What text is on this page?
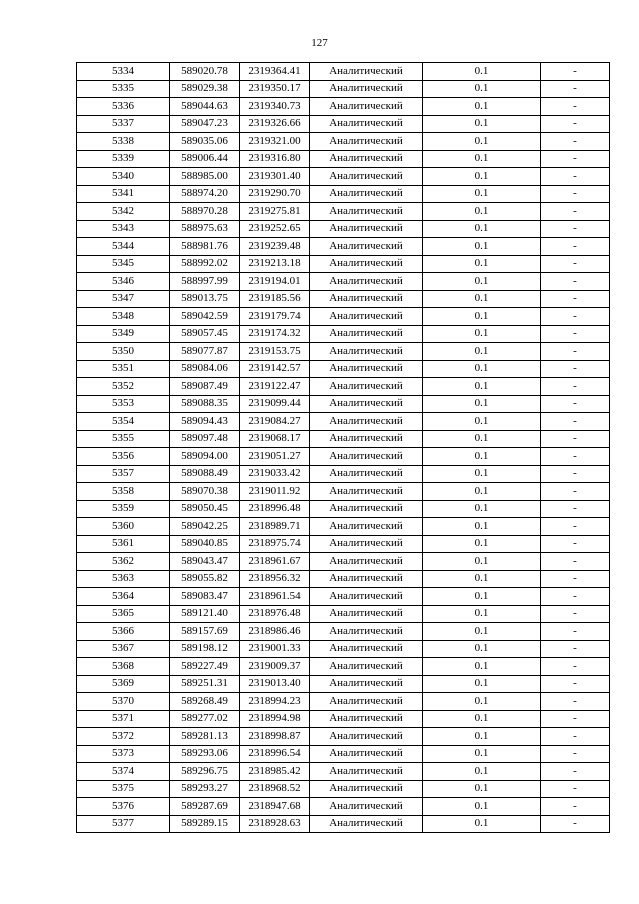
127
5334	589020.78	2319364.41	Аналитический	0.1	-
5335	589029.38	2319350.17	Аналитический	0.1	-
5336	589044.63	2319340.73	Аналитический	0.1	-
5337	589047.23	2319326.66	Аналитический	0.1	-
5338	589035.06	2319321.00	Аналитический	0.1	-
5339	589006.44	2319316.80	Аналитический	0.1	-
5340	588985.00	2319301.40	Аналитический	0.1	-
5341	588974.20	2319290.70	Аналитический	0.1	-
5342	588970.28	2319275.81	Аналитический	0.1	-
5343	588975.63	2319252.65	Аналитический	0.1	-
5344	588981.76	2319239.48	Аналитический	0.1	-
5345	588992.02	2319213.18	Аналитический	0.1	-
5346	588997.99	2319194.01	Аналитический	0.1	-
5347	589013.75	2319185.56	Аналитический	0.1	-
5348	589042.59	2319179.74	Аналитический	0.1	-
5349	589057.45	2319174.32	Аналитический	0.1	-
5350	589077.87	2319153.75	Аналитический	0.1	-
5351	589084.06	2319142.57	Аналитический	0.1	-
5352	589087.49	2319122.47	Аналитический	0.1	-
5353	589088.35	2319099.44	Аналитический	0.1	-
5354	589094.43	2319084.27	Аналитический	0.1	-
5355	589097.48	2319068.17	Аналитический	0.1	-
5356	589094.00	2319051.27	Аналитический	0.1	-
5357	589088.49	2319033.42	Аналитический	0.1	-
5358	589070.38	2319011.92	Аналитический	0.1	-
5359	589050.45	2318996.48	Аналитический	0.1	-
5360	589042.25	2318989.71	Аналитический	0.1	-
5361	589040.85	2318975.74	Аналитический	0.1	-
5362	589043.47	2318961.67	Аналитический	0.1	-
5363	589055.82	2318956.32	Аналитический	0.1	-
5364	589083.47	2318961.54	Аналитический	0.1	-
5365	589121.40	2318976.48	Аналитический	0.1	-
5366	589157.69	2318986.46	Аналитический	0.1	-
5367	589198.12	2319001.33	Аналитический	0.1	-
5368	589227.49	2319009.37	Аналитический	0.1	-
5369	589251.31	2319013.40	Аналитический	0.1	-
5370	589268.49	2318994.23	Аналитический	0.1	-
5371	589277.02	2318994.98	Аналитический	0.1	-
5372	589281.13	2318998.87	Аналитический	0.1	-
5373	589293.06	2318996.54	Аналитический	0.1	-
5374	589296.75	2318985.42	Аналитический	0.1	-
5375	589293.27	2318968.52	Аналитический	0.1	-
5376	589287.69	2318947.68	Аналитический	0.1	-
5377	589289.15	2318928.63	Аналитический	0.1	-
